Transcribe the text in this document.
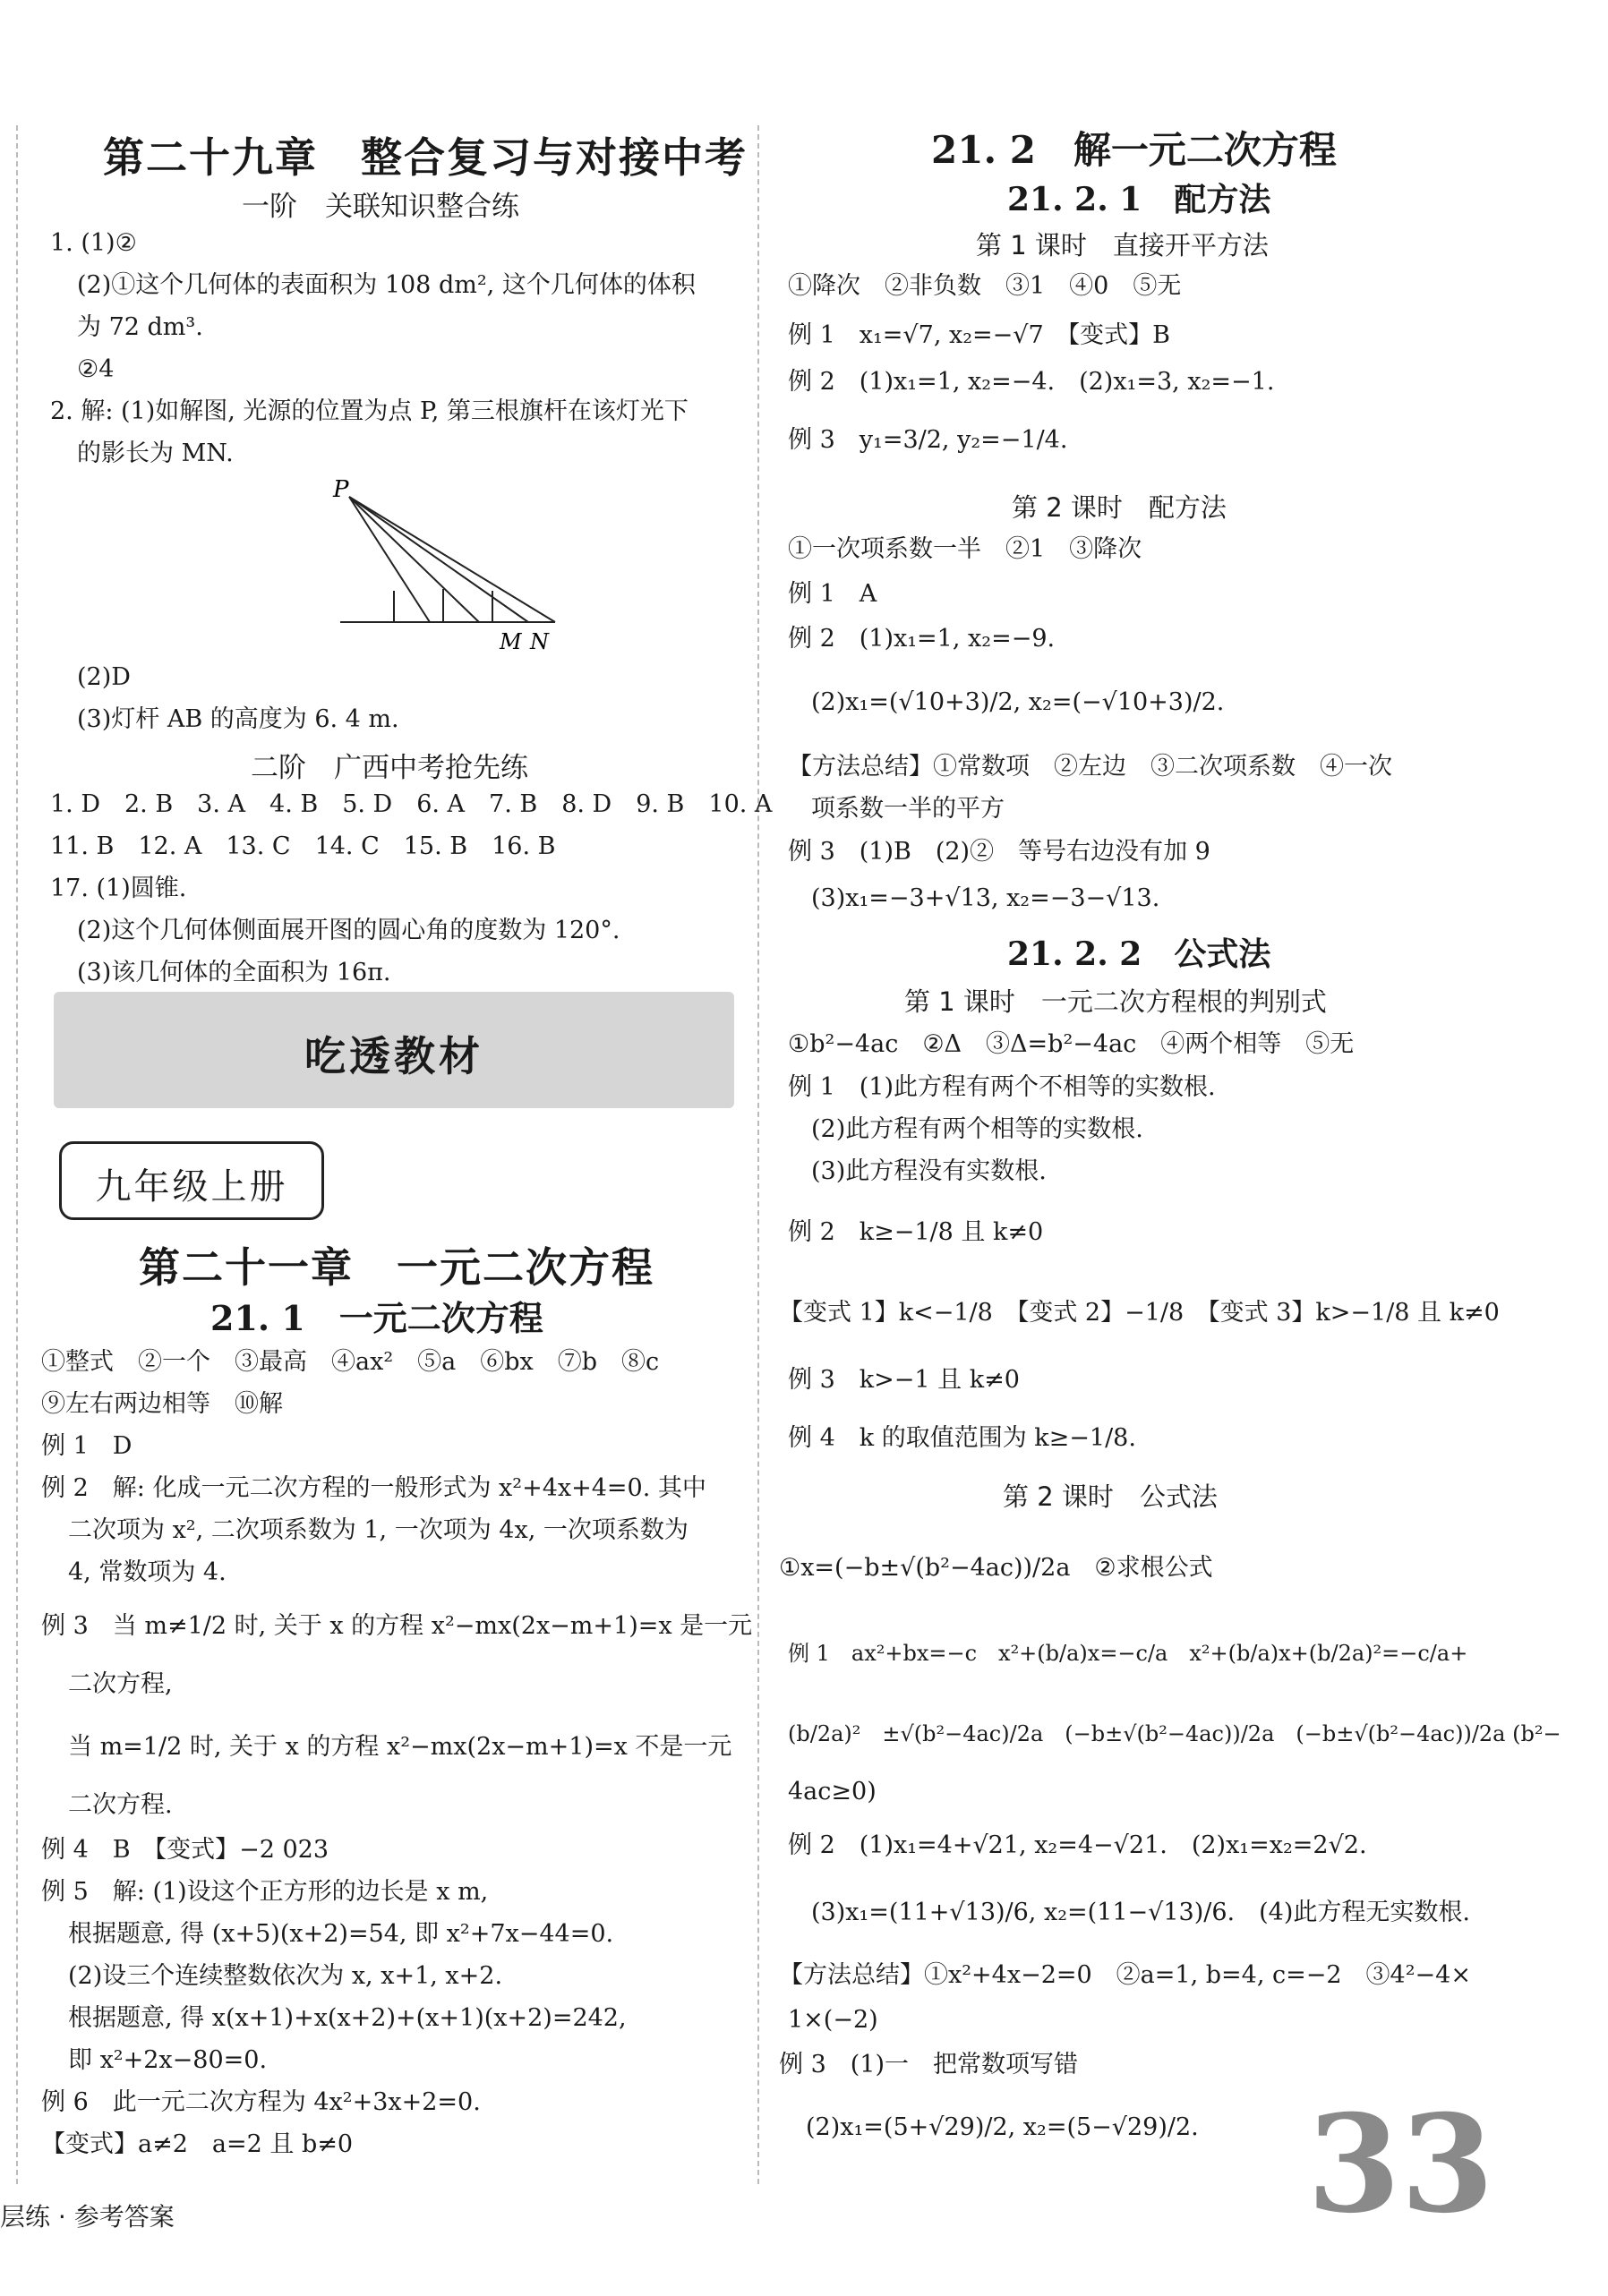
第二十九章　整合复习与对接中考
一阶　关联知识整合练
1. (1)②
(2)①这个几何体的表面积为 108 dm², 这个几何体的体积
为 72 dm³.
②4
2. 解: (1)如解图, 光源的位置为点 P, 第三根旗杆在该灯光下
的影长为 MN.
P
M N
(2)D
(3)灯杆 AB 的高度为 6. 4 m.
二阶　广西中考抢先练
1. D　2. B　3. A　4. B　5. D　6. A　7. B　8. D　9. B　10. A
11. B　12. A　13. C　14. C　15. B　16. B
17. (1)圆锥.
(2)这个几何体侧面展开图的圆心角的度数为 120°.
(3)该几何体的全面积为 16π.
吃透教材
九年级上册
第二十一章　一元二次方程
21. 1　一元二次方程
①整式　②一个　③最高　④ax²　⑤a　⑥bx　⑦b　⑧c
⑨左右两边相等　⑩解
例 1　D
例 2　解: 化成一元二次方程的一般形式为 x²+4x+4=0. 其中
二次项为 x², 二次项系数为 1, 一次项为 4x, 一次项系数为
4, 常数项为 4.
例 3　当 m≠1/2 时, 关于 x 的方程 x²−mx(2x−m+1)=x 是一元
二次方程,
当 m=1/2 时, 关于 x 的方程 x²−mx(2x−m+1)=x 不是一元
二次方程.
例 4　B　【变式】−2 023
例 5　解: (1)设这个正方形的边长是 x m,
根据题意, 得 (x+5)(x+2)=54, 即 x²+7x−44=0.
(2)设三个连续整数依次为 x, x+1, x+2.
根据题意, 得 x(x+1)+x(x+2)+(x+1)(x+2)=242,
即 x²+2x−80=0.
例 6　此一元二次方程为 4x²+3x+2=0.
【变式】a≠2　a=2 且 b≠0
21. 2　解一元二次方程
21. 2. 1　配方法
第 1 课时　直接开平方法
①降次　②非负数　③1　④0　⑤无
例 1　x₁=√7, x₂=−√7　【变式】B
例 2　(1)x₁=1, x₂=−4.　(2)x₁=3, x₂=−1.
例 3　y₁=3/2, y₂=−1/4.
第 2 课时　配方法
①一次项系数一半　②1　③降次
例 1　A
例 2　(1)x₁=1, x₂=−9.
(2)x₁=(√10+3)/2, x₂=(−√10+3)/2.
【方法总结】①常数项　②左边　③二次项系数　④一次
项系数一半的平方
例 3　(1)B　(2)②　等号右边没有加 9
(3)x₁=−3+√13, x₂=−3−√13.
21. 2. 2　公式法
第 1 课时　一元二次方程根的判别式
①b²−4ac　②Δ　③Δ=b²−4ac　④两个相等　⑤无
例 1　(1)此方程有两个不相等的实数根.
(2)此方程有两个相等的实数根.
(3)此方程没有实数根.
例 2　k≥−1/8 且 k≠0
【变式 1】k<−1/8　【变式 2】−1/8　【变式 3】k>−1/8 且 k≠0
例 3　k>−1 且 k≠0
例 4　k 的取值范围为 k≥−1/8.
第 2 课时　公式法
①x=(−b±√(b²−4ac))/2a　②求根公式
例 1　ax²+bx=−c　x²+(b/a)x=−c/a　x²+(b/a)x+(b/2a)²=−c/a+
(b/2a)²　±√(b²−4ac)/2a　(−b±√(b²−4ac))/2a　(−b±√(b²−4ac))/2a (b²−
4ac≥0)
例 2　(1)x₁=4+√21, x₂=4−√21.　(2)x₁=x₂=2√2.
(3)x₁=(11+√13)/6, x₂=(11−√13)/6.　(4)此方程无实数根.
【方法总结】①x²+4x−2=0　②a=1, b=4, c=−2　③4²−4×
1×(−2)
例 3　(1)一　把常数项写错
(2)x₁=(5+√29)/2, x₂=(5−√29)/2. 33
层练 · 参考答案
